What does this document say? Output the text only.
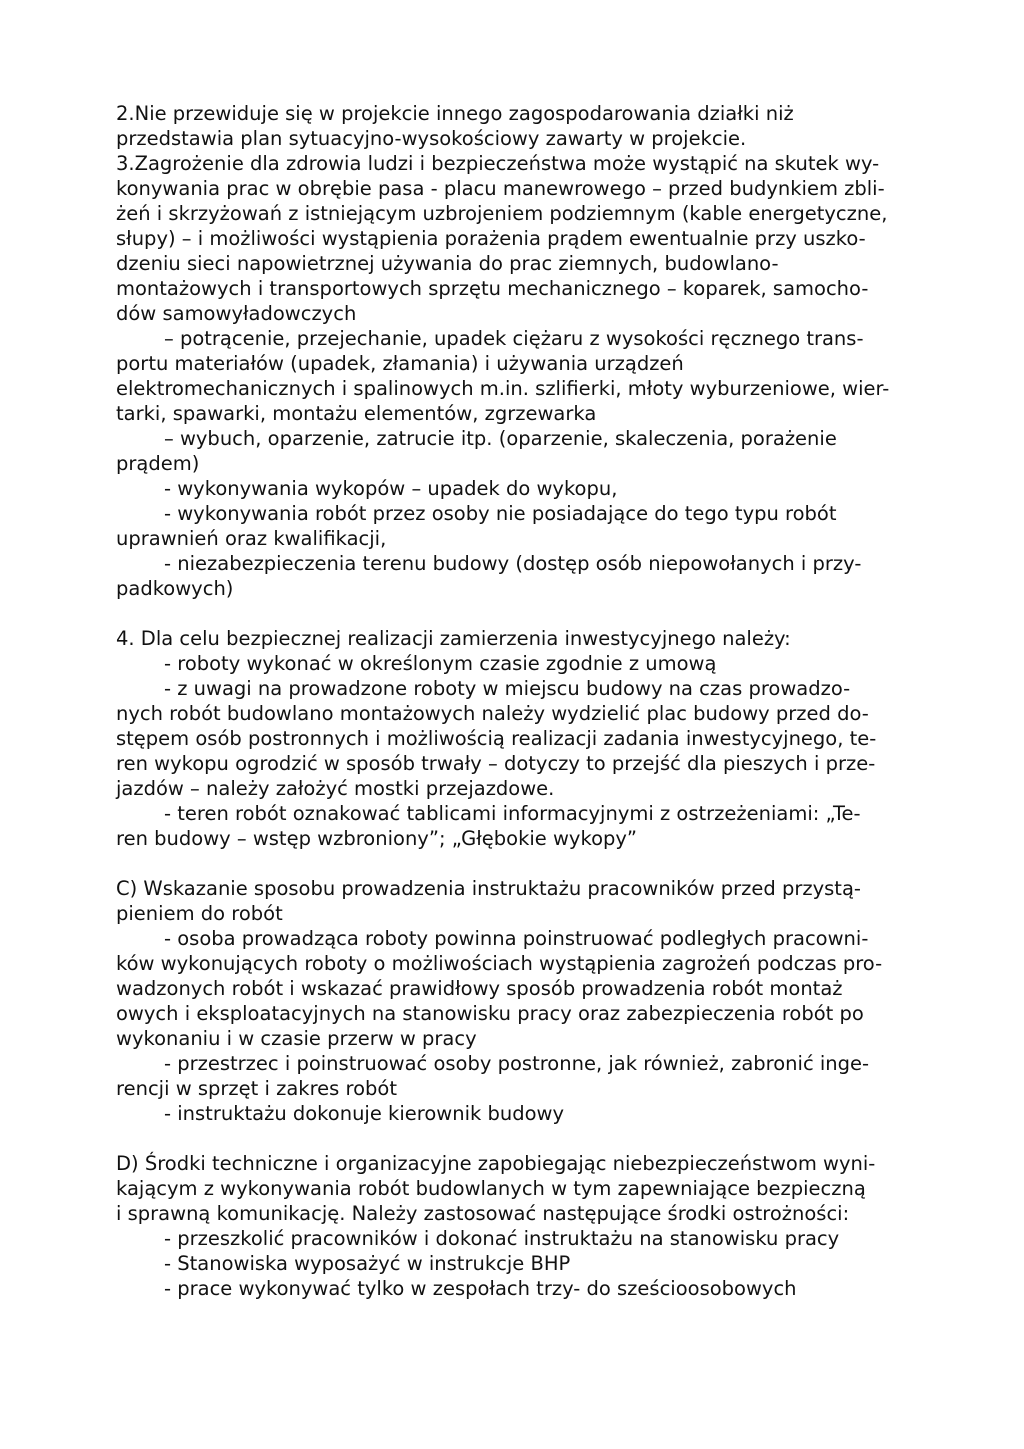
2.Nie przewiduje się w projekcie innego zagospodarowania działki niż
przedstawia plan sytuacyjno-wysokościowy zawarty w projekcie.
3.Zagrożenie dla zdrowia ludzi i bezpieczeństwa może wystąpić na skutek wy-
konywania prac w obrębie pasa - placu manewrowego – przed budynkiem zbli-
żeń i skrzyżowań z istniejącym uzbrojeniem podziemnym (kable energetyczne,
słupy) – i możliwości wystąpienia porażenia prądem ewentualnie przy uszko-
dzeniu sieci napowietrznej używania do prac ziemnych, budowlano-
montażowych i transportowych sprzętu mechanicznego – koparek, samocho-
dów samowyładowczych
– potrącenie, przejechanie, upadek ciężaru z wysokości ręcznego trans-
portu materiałów (upadek, złamania) i używania urządzeń
elektromechanicznych i spalinowych m.in. szlifierki, młoty wyburzeniowe, wier-
tarki, spawarki, montażu elementów, zgrzewarka
– wybuch, oparzenie, zatrucie itp. (oparzenie, skaleczenia, porażenie
prądem)
- wykonywania wykopów – upadek do wykopu,
- wykonywania robót przez osoby nie posiadające do tego typu robót
uprawnień oraz kwalifikacji,
- niezabezpieczenia terenu budowy (dostęp osób niepowołanych i przy-
padkowych)
4. Dla celu bezpiecznej realizacji zamierzenia inwestycyjnego należy:
- roboty wykonać w określonym czasie zgodnie z umową
- z uwagi na prowadzone roboty w miejscu budowy na czas prowadzo-
nych robót budowlano montażowych należy wydzielić plac budowy przed do-
stępem osób postronnych i możliwością realizacji zadania inwestycyjnego, te-
ren wykopu ogrodzić w sposób trwały – dotyczy to przejść dla pieszych i prze-
jazdów – należy założyć mostki przejazdowe.
- teren robót oznakować tablicami informacyjnymi z ostrzeżeniami: „Te-
ren budowy – wstęp wzbroniony”; „Głębokie wykopy”
C) Wskazanie sposobu prowadzenia instruktażu pracowników przed przystą-
pieniem do robót
- osoba prowadząca roboty powinna poinstruować podległych pracowni-
ków wykonujących roboty o możliwościach wystąpienia zagrożeń podczas pro-
wadzonych robót i wskazać prawidłowy sposób prowadzenia robót montaż
owych i eksploatacyjnych na stanowisku pracy oraz zabezpieczenia robót po
wykonaniu i w czasie przerw w pracy
- przestrzec i poinstruować osoby postronne, jak również, zabronić inge-
rencji w sprzęt i zakres robót
- instruktażu dokonuje kierownik budowy
D) Środki techniczne i organizacyjne zapobiegając niebezpieczeństwom wyni-
kającym z wykonywania robót budowlanych w tym zapewniające bezpieczną
i sprawną komunikację. Należy zastosować następujące środki ostrożności:
- przeszkolić pracowników i dokonać instruktażu na stanowisku pracy
- Stanowiska wyposażyć w instrukcje BHP
- prace wykonywać tylko w zespołach trzy- do sześcioosobowych
